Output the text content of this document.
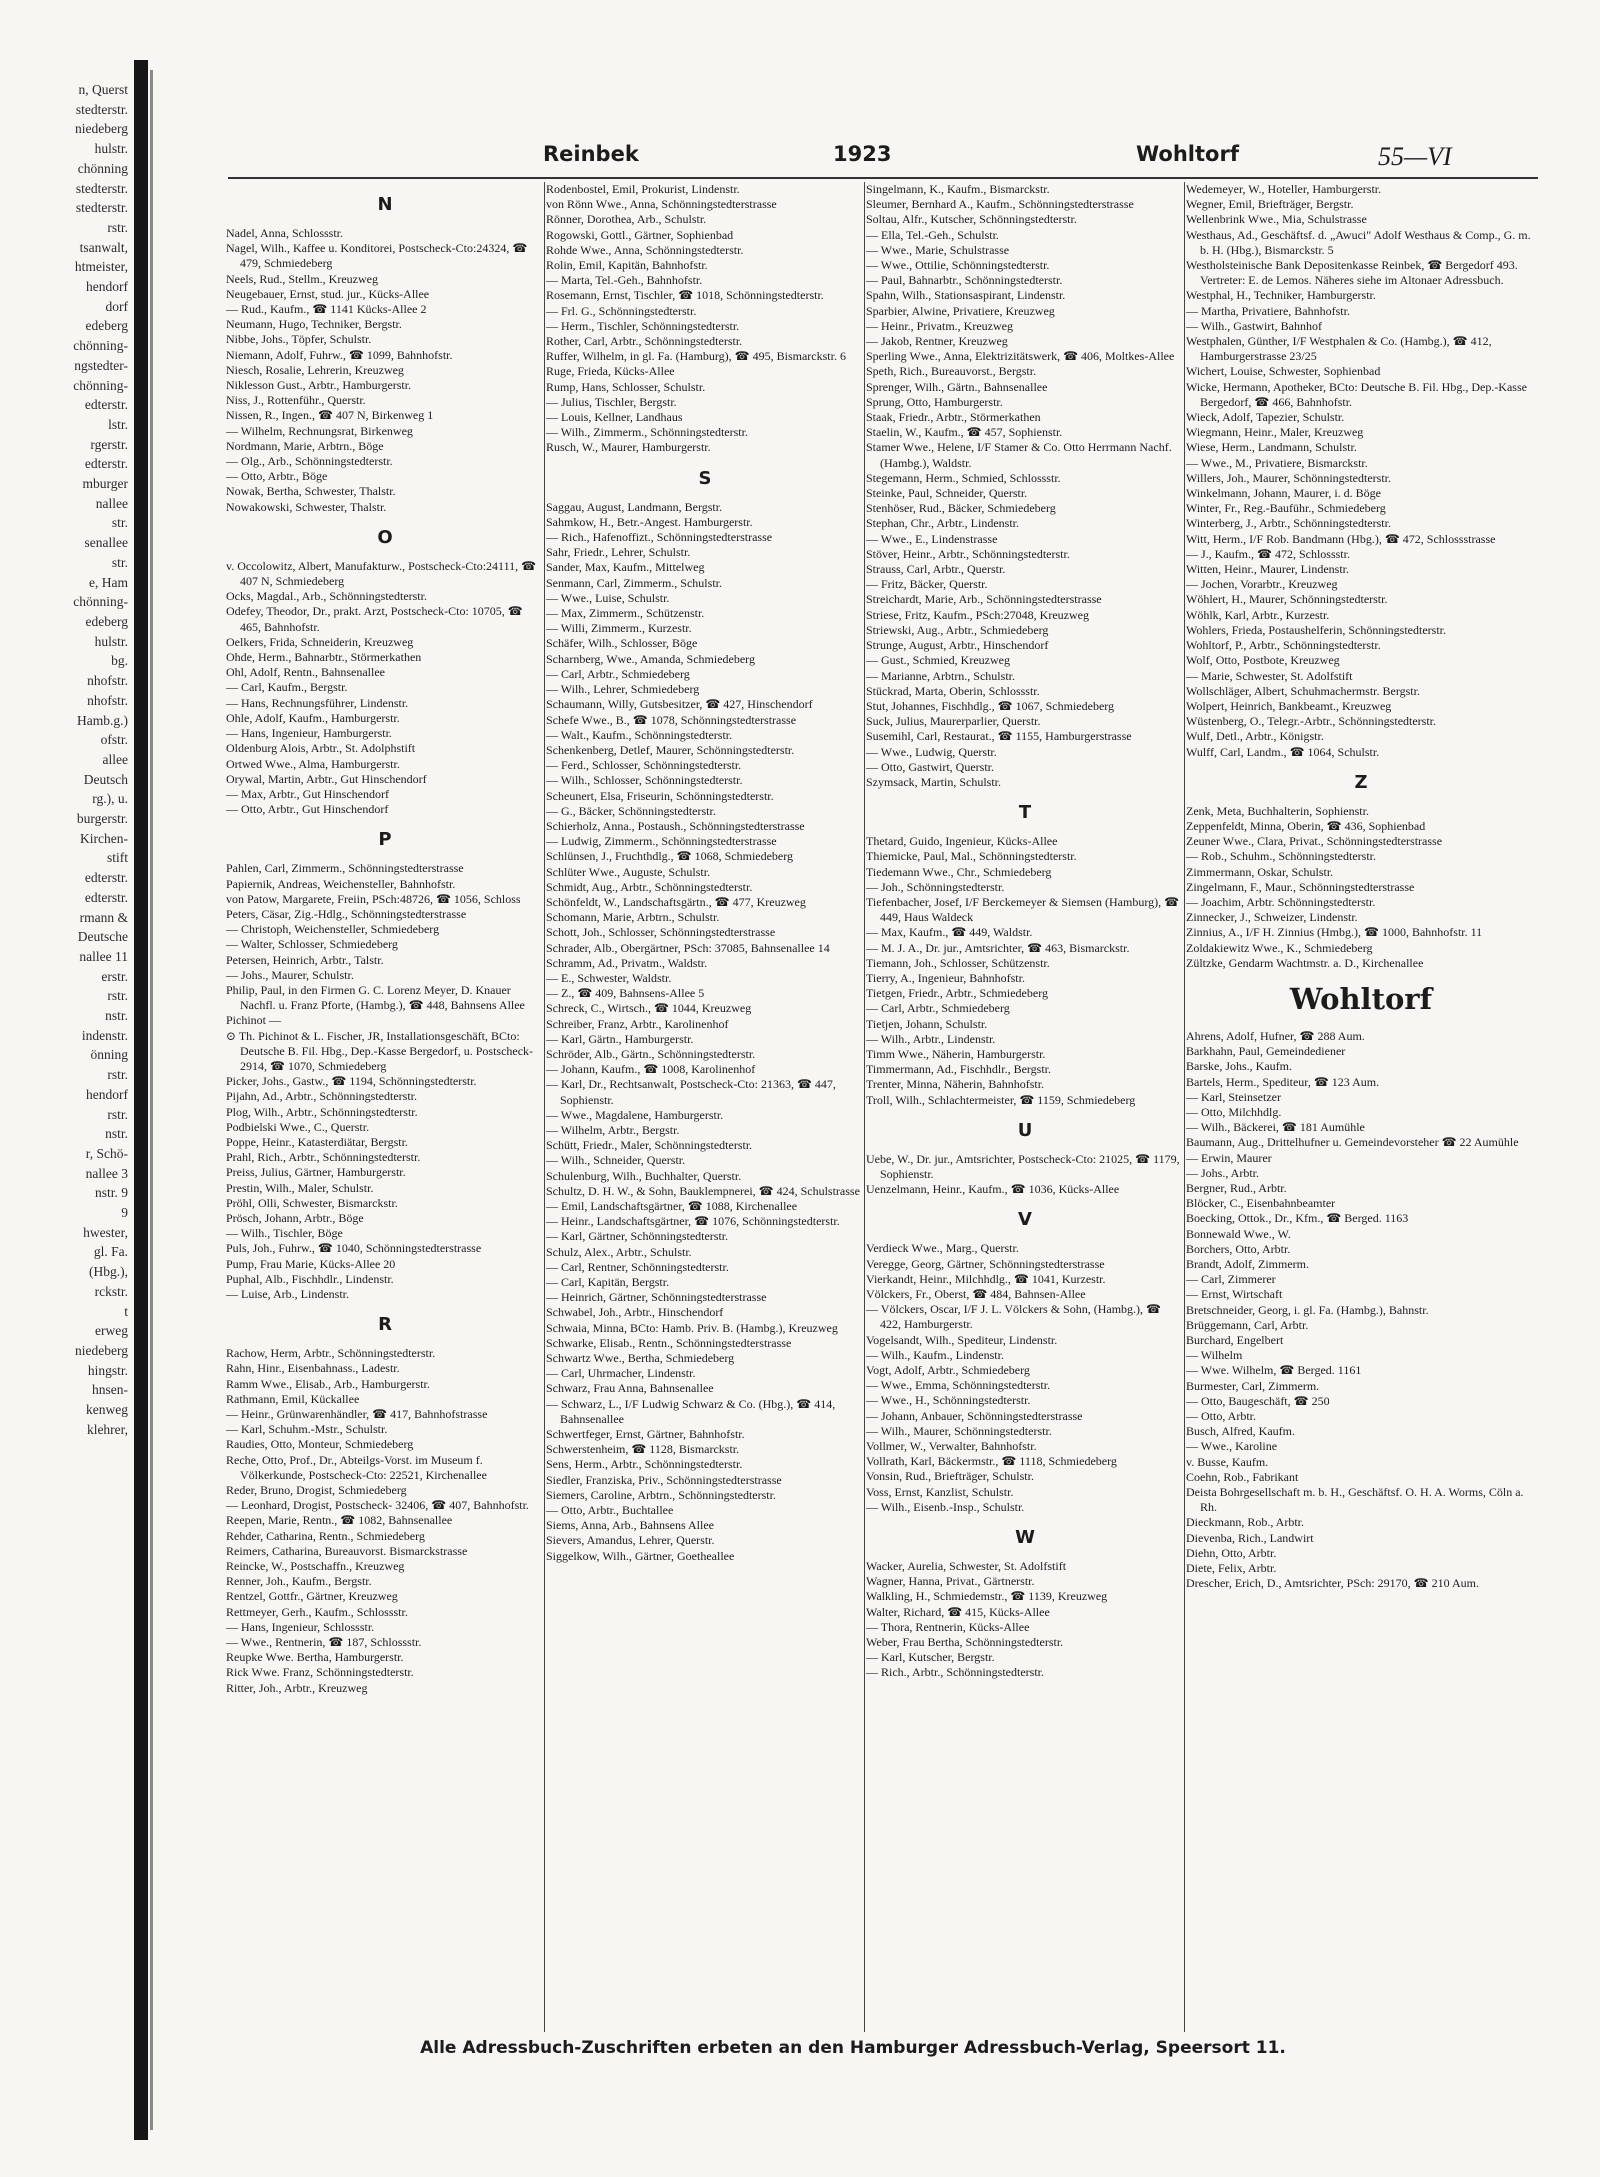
n, Querst
stedterstr.
niedeberg
hulstr.
chönning
stedterstr.
stedterstr.
rstr.
tsanwalt,
htmeister,
hendorf
dorf
edeberg
chönning-
ngstedter-
chönning-
edterstr.
lstr.
rgerstr.
edterstr.
mburger
nallee
str.
senallee
str.
e, Ham
chönning-
edeberg
hulstr.
bg.
nhofstr.
nhofstr.
Hamb.g.)
ofstr.
allee
Deutsch
rg.), u.
burgerstr.
Kirchen-
stift
edterstr.
edterstr.
rmann &
Deutsche
nallee 11
erstr.
rstr.
nstr.
indenstr.
önning
rstr.
hendorf
rstr.
nstr.
r, Schö-
nallee 3
nstr. 9
9
hwester,
gl. Fa.
(Hbg.),
rckstr.
t
erweg
niedeberg
hingstr.
hnsen-
kenweg
klehrer,
Reinbek	1923	Wohltorf	55—VI
N
Nadel, Anna, Schlossstr.
Nagel, Wilh., Kaffee u. Konditorei, Postscheck-Cto:24324, ☎ 479, Schmiedeberg
Neels, Rud., Stellm., Kreuzweg
Neugebauer, Ernst, stud. jur., Kücks-Allee
— Rud., Kaufm., ☎ 1141 Kücks-Allee 2
Neumann, Hugo, Techniker, Bergstr.
Nibbe, Johs., Töpfer, Schulstr.
Niemann, Adolf, Fuhrw., ☎ 1099, Bahnhofstr.
Niesch, Rosalie, Lehrerin, Kreuzweg
Niklesson Gust., Arbtr., Hamburgerstr.
Niss, J., Rottenführ., Querstr.
Nissen, R., Ingen., ☎ 407 N, Birkenweg 1
— Wilhelm, Rechnungsrat, Birkenweg
Nordmann, Marie, Arbtrn., Böge
— Olg., Arb., Schönningstedterstr.
— Otto, Arbtr., Böge
Nowak, Bertha, Schwester, Thalstr.
Nowakowski, Schwester, Thalstr.
O
v. Occolowitz, Albert, Manufakturw., Postscheck-Cto:24111, ☎ 407 N, Schmiedeberg
Ocks, Magdal., Arb., Schönningstedterstr.
Odefey, Theodor, Dr., prakt. Arzt, Postscheck-Cto: 10705, ☎ 465, Bahnhofstr.
Oelkers, Frida, Schneiderin, Kreuzweg
Ohde, Herm., Bahnarbtr., Störmerkathen
Ohl, Adolf, Rentn., Bahnsenallee
— Carl, Kaufm., Bergstr.
— Hans, Rechnungsführer, Lindenstr.
Ohle, Adolf, Kaufm., Hamburgerstr.
— Hans, Ingenieur, Hamburgerstr.
Oldenburg Alois, Arbtr., St. Adolphstift
Ortwed Wwe., Alma, Hamburgerstr.
Orywal, Martin, Arbtr., Gut Hinschendorf
— Max, Arbtr., Gut Hinschendorf
— Otto, Arbtr., Gut Hinschendorf
P
Pahlen, Carl, Zimmerm., Schönningstedterstrasse
Papiernik, Andreas, Weichensteller, Bahnhofstr.
von Patow, Margarete, Freiin, PSch:48726, ☎ 1056, Schloss
Peters, Cäsar, Zig.-Hdlg., Schönningstedterstrasse
— Christoph, Weichensteller, Schmiedeberg
— Walter, Schlosser, Schmiedeberg
Petersen, Heinrich, Arbtr., Talstr.
— Johs., Maurer, Schulstr.
Philip, Paul, in den Firmen G. C. Lorenz Meyer, D. Knauer Nachfl. u. Franz Pforte, (Hambg.), ☎ 448, Bahnsens Allee
Pichinot —
⊙ Th. Pichinot & L. Fischer, JR, Installationsgeschäft, BCto: Deutsche B. Fil. Hbg., Dep.-Kasse Bergedorf, u. Postscheck- 2914, ☎ 1070, Schmiedeberg
Picker, Johs., Gastw., ☎ 1194, Schönningstedterstr.
Pijahn, Ad., Arbtr., Schönningstedterstr.
Plog, Wilh., Arbtr., Schönningstedterstr.
Podbielski Wwe., C., Querstr.
Poppe, Heinr., Katasterdiätar, Bergstr.
Prahl, Rich., Arbtr., Schönningstedterstr.
Preiss, Julius, Gärtner, Hamburgerstr.
Prestin, Wilh., Maler, Schulstr.
Pröhl, Olli, Schwester, Bismarckstr.
Prösch, Johann, Arbtr., Böge
— Wilh., Tischler, Böge
Puls, Joh., Fuhrw., ☎ 1040, Schönningstedterstrasse
Pump, Frau Marie, Kücks-Allee 20
Puphal, Alb., Fischhdlr., Lindenstr.
— Luise, Arb., Lindenstr.
R
Rachow, Herm, Arbtr., Schönningstedterstr.
Rahn, Hinr., Eisenbahnass., Ladestr.
Ramm Wwe., Elisab., Arb., Hamburgerstr.
Rathmann, Emil, Kückallee
— Heinr., Grünwarenhändler, ☎ 417, Bahnhofstrasse
— Karl, Schuhm.-Mstr., Schulstr.
Raudies, Otto, Monteur, Schmiedeberg
Reche, Otto, Prof., Dr., Abteilgs-Vorst. im Museum f. Völkerkunde, Postscheck-Cto: 22521, Kirchenallee
Reder, Bruno, Drogist, Schmiedeberg
— Leonhard, Drogist, Postscheck- 32406, ☎ 407, Bahnhofstr.
Reepen, Marie, Rentn., ☎ 1082, Bahnsenallee
Rehder, Catharina, Rentn., Schmiedeberg
Reimers, Catharina, Bureauvorst. Bismarckstrasse
Reincke, W., Postschaffn., Kreuzweg
Renner, Joh., Kaufm., Bergstr.
Rentzel, Gottfr., Gärtner, Kreuzweg
Rettmeyer, Gerh., Kaufm., Schlossstr.
— Hans, Ingenieur, Schlossstr.
— Wwe., Rentnerin, ☎ 187, Schlossstr.
Reupke Wwe. Bertha, Hamburgerstr.
Rick Wwe. Franz, Schönningstedterstr.
Ritter, Joh., Arbtr., Kreuzweg
Rodenbostel, Emil, Prokurist, Lindenstr.
von Rönn Wwe., Anna, Schönningstedterstrasse
Rönner, Dorothea, Arb., Schulstr.
Rogowski, Gottl., Gärtner, Sophienbad
Rohde Wwe., Anna, Schönningstedterstr.
Rolin, Emil, Kapitän, Bahnhofstr.
— Marta, Tel.-Geh., Bahnhofstr.
Rosemann, Ernst, Tischler, ☎ 1018, Schönningstedterstr.
— Frl. G., Schönningstedterstr.
— Herm., Tischler, Schönningstedterstr.
Rother, Carl, Arbtr., Schönningstedterstr.
Ruffer, Wilhelm, in gl. Fa. (Hamburg), ☎ 495, Bismarckstr. 6
Ruge, Frieda, Kücks-Allee
Rump, Hans, Schlosser, Schulstr.
— Julius, Tischler, Bergstr.
— Louis, Kellner, Landhaus
— Wilh., Zimmerm., Schönningstedterstr.
Rusch, W., Maurer, Hamburgerstr.
S
Saggau, August, Landmann, Bergstr.
Sahmkow, H., Betr.-Angest. Hamburgerstr.
— Rich., Hafenoffizt., Schönningstedterstrasse
Sahr, Friedr., Lehrer, Schulstr.
Sander, Max, Kaufm., Mittelweg
Senmann, Carl, Zimmerm., Schulstr.
— Wwe., Luise, Schulstr.
— Max, Zimmerm., Schützenstr.
— Willi, Zimmerm., Kurzestr.
Schäfer, Wilh., Schlosser, Böge
Scharnberg, Wwe., Amanda, Schmiedeberg
— Carl, Arbtr., Schmiedeberg
— Wilh., Lehrer, Schmiedeberg
Schaumann, Willy, Gutsbesitzer, ☎ 427, Hinschendorf
Schefe Wwe., B., ☎ 1078, Schönningstedterstrasse
— Walt., Kaufm., Schönningstedterstr.
Schenkenberg, Detlef, Maurer, Schönningstedterstr.
— Ferd., Schlosser, Schönningstedterstr.
— Wilh., Schlosser, Schönningstedterstr.
Scheunert, Elsa, Friseurin, Schönningstedterstr.
— G., Bäcker, Schönningstedterstr.
Schierholz, Anna., Postaush., Schönningstedterstrasse
— Ludwig, Zimmerm., Schönningstedterstrasse
Schlünsen, J., Fruchthdlg., ☎ 1068, Schmiedeberg
Schlüter Wwe., Auguste, Schulstr.
Schmidt, Aug., Arbtr., Schönningstedterstr.
Schönfeldt, W., Landschaftsgärtn., ☎ 477, Kreuzweg
Schomann, Marie, Arbtrn., Schulstr.
Schott, Joh., Schlosser, Schönningstedterstrasse
Schrader, Alb., Obergärtner, PSch: 37085, Bahnsenallee 14
Schramm, Ad., Privatm., Waldstr.
— E., Schwester, Waldstr.
— Z., ☎ 409, Bahnsens-Allee 5
Schreck, C., Wirtsch., ☎ 1044, Kreuzweg
Schreiber, Franz, Arbtr., Karolinenhof
— Karl, Gärtn., Hamburgerstr.
Schröder, Alb., Gärtn., Schönningstedterstr.
— Johann, Kaufm., ☎ 1008, Karolinenhof
— Karl, Dr., Rechtsanwalt, Postscheck-Cto: 21363, ☎ 447, Sophienstr.
— Wwe., Magdalene, Hamburgerstr.
— Wilhelm, Arbtr., Bergstr.
Schütt, Friedr., Maler, Schönningstedterstr.
— Wilh., Schneider, Querstr.
Schulenburg, Wilh., Buchhalter, Querstr.
Schultz, D. H. W., & Sohn, Bauklempnerei, ☎ 424, Schulstrasse
— Emil, Landschaftsgärtner, ☎ 1088, Kirchenallee
— Heinr., Landschaftsgärtner, ☎ 1076, Schönningstedterstr.
— Karl, Gärtner, Schönningstedterstr.
Schulz, Alex., Arbtr., Schulstr.
— Carl, Rentner, Schönningstedterstr.
— Carl, Kapitän, Bergstr.
— Heinrich, Gärtner, Schönningstedterstrasse
Schwabel, Joh., Arbtr., Hinschendorf
Schwaia, Minna, BCto: Hamb. Priv. B. (Hambg.), Kreuzweg
Schwarke, Elisab., Rentn., Schönningstedterstrasse
Schwartz Wwe., Bertha, Schmiedeberg
— Carl, Uhrmacher, Lindenstr.
Schwarz, Frau Anna, Bahnsenallee
— Schwarz, L., I/F Ludwig Schwarz & Co. (Hbg.), ☎ 414, Bahnsenallee
Schwertfeger, Ernst, Gärtner, Bahnhofstr.
Schwerstenheim, ☎ 1128, Bismarckstr.
Sens, Herm., Arbtr., Schönningstedterstr.
Siedler, Franziska, Priv., Schönningstedterstrasse
Siemers, Caroline, Arbtrn., Schönningstedterstr.
— Otto, Arbtr., Buchtallee
Siems, Anna, Arb., Bahnsens Allee
Sievers, Amandus, Lehrer, Querstr.
Siggelkow, Wilh., Gärtner, Goetheallee
Singelmann, K., Kaufm., Bismarckstr.
Sleumer, Bernhard A., Kaufm., Schönningstedterstrasse
Soltau, Alfr., Kutscher, Schönningstedterstr.
— Ella, Tel.-Geh., Schulstr.
— Wwe., Marie, Schulstrasse
— Wwe., Ottilie, Schönningstedterstr.
— Paul, Bahnarbtr., Schönningstedterstr.
Spahn, Wilh., Stationsaspirant, Lindenstr.
Sparbier, Alwine, Privatiere, Kreuzweg
— Heinr., Privatm., Kreuzweg
— Jakob, Rentner, Kreuzweg
Sperling Wwe., Anna, Elektrizitätswerk, ☎ 406, Moltkes-Allee
Speth, Rich., Bureauvorst., Bergstr.
Sprenger, Wilh., Gärtn., Bahnsenallee
Sprung, Otto, Hamburgerstr.
Staak, Friedr., Arbtr., Störmerkathen
Staelin, W., Kaufm., ☎ 457, Sophienstr.
Stamer Wwe., Helene, I/F Stamer & Co. Otto Herrmann Nachf. (Hambg.), Waldstr.
Stegemann, Herm., Schmied, Schlossstr.
Steinke, Paul, Schneider, Querstr.
Stenhöser, Rud., Bäcker, Schmiedeberg
Stephan, Chr., Arbtr., Lindenstr.
— Wwe., E., Lindenstrasse
Stöver, Heinr., Arbtr., Schönningstedterstr.
Strauss, Carl, Arbtr., Querstr.
— Fritz, Bäcker, Querstr.
Streichardt, Marie, Arb., Schönningstedterstrasse
Striese, Fritz, Kaufm., PSch:27048, Kreuzweg
Striewski, Aug., Arbtr., Schmiedeberg
Strunge, August, Arbtr., Hinschendorf
— Gust., Schmied, Kreuzweg
— Marianne, Arbtrn., Schulstr.
Stückrad, Marta, Oberin, Schlossstr.
Stut, Johannes, Fischhdlg., ☎ 1067, Schmiedeberg
Suck, Julius, Maurerparlier, Querstr.
Susemihl, Carl, Restaurat., ☎ 1155, Hamburgerstrasse
— Wwe., Ludwig, Querstr.
— Otto, Gastwirt, Querstr.
Szymsack, Martin, Schulstr.
T
Thetard, Guido, Ingenieur, Kücks-Allee
Thiemicke, Paul, Mal., Schönningstedterstr.
Tiedemann Wwe., Chr., Schmiedeberg
— Joh., Schönningstedterstr.
Tiefenbacher, Josef, I/F Berckemeyer & Siemsen (Hamburg), ☎ 449, Haus Waldeck
— Max, Kaufm., ☎ 449, Waldstr.
— M. J. A., Dr. jur., Amtsrichter, ☎ 463, Bismarckstr.
Tiemann, Joh., Schlosser, Schützenstr.
Tierry, A., Ingenieur, Bahnhofstr.
Tietgen, Friedr., Arbtr., Schmiedeberg
— Carl, Arbtr., Schmiedeberg
Tietjen, Johann, Schulstr.
— Wilh., Arbtr., Lindenstr.
Timm Wwe., Näherin, Hamburgerstr.
Timmermann, Ad., Fischhdlr., Bergstr.
Trenter, Minna, Näherin, Bahnhofstr.
Troll, Wilh., Schlachtermeister, ☎ 1159, Schmiedeberg
U
Uebe, W., Dr. jur., Amtsrichter, Postscheck-Cto: 21025, ☎ 1179, Sophienstr.
Uenzelmann, Heinr., Kaufm., ☎ 1036, Kücks-Allee
V
Verdieck Wwe., Marg., Querstr.
Veregge, Georg, Gärtner, Schönningstedterstrasse
Vierkandt, Heinr., Milchhdlg., ☎ 1041, Kurzestr.
Völckers, Fr., Oberst, ☎ 484, Bahnsen-Allee
— Völckers, Oscar, I/F J. L. Völckers & Sohn, (Hambg.), ☎ 422, Hamburgerstr.
Vogelsandt, Wilh., Spediteur, Lindenstr.
— Wilh., Kaufm., Lindenstr.
Vogt, Adolf, Arbtr., Schmiedeberg
— Wwe., Emma, Schönningstedterstr.
— Wwe., H., Schönningstedterstr.
— Johann, Anbauer, Schönningstedterstrasse
— Wilh., Maurer, Schönningstedterstr.
Vollmer, W., Verwalter, Bahnhofstr.
Vollrath, Karl, Bäckermstr., ☎ 1118, Schmiedeberg
Vonsin, Rud., Briefträger, Schulstr.
Voss, Ernst, Kanzlist, Schulstr.
— Wilh., Eisenb.-Insp., Schulstr.
W
Wacker, Aurelia, Schwester, St. Adolfstift
Wagner, Hanna, Privat., Gärtnerstr.
Walkling, H., Schmiedemstr., ☎ 1139, Kreuzweg
Walter, Richard, ☎ 415, Kücks-Allee
— Thora, Rentnerin, Kücks-Allee
Weber, Frau Bertha, Schönningstedterstr.
— Karl, Kutscher, Bergstr.
— Rich., Arbtr., Schönningstedterstr.
Wedemeyer, W., Hoteller, Hamburgerstr.
Wegner, Emil, Briefträger, Bergstr.
Wellenbrink Wwe., Mia, Schulstrasse
Westhaus, Ad., Geschäftsf. d. „Awuci" Adolf Westhaus & Comp., G. m. b. H. (Hbg.), Bismarckstr. 5
Westholsteinische Bank Depositenkasse Reinbek, ☎ Bergedorf 493. Vertreter: E. de Lemos. Näheres siehe im Altonaer Adressbuch.
Westphal, H., Techniker, Hamburgerstr.
— Martha, Privatiere, Bahnhofstr.
— Wilh., Gastwirt, Bahnhof
Westphalen, Günther, I/F Westphalen & Co. (Hambg.), ☎ 412, Hamburgerstrasse 23/25
Wichert, Louise, Schwester, Sophienbad
Wicke, Hermann, Apotheker, BCto: Deutsche B. Fil. Hbg., Dep.-Kasse Bergedorf, ☎ 466, Bahnhofstr.
Wieck, Adolf, Tapezier, Schulstr.
Wiegmann, Heinr., Maler, Kreuzweg
Wiese, Herm., Landmann, Schulstr.
— Wwe., M., Privatiere, Bismarckstr.
Willers, Joh., Maurer, Schönningstedterstr.
Winkelmann, Johann, Maurer, i. d. Böge
Winter, Fr., Reg.-Bauführ., Schmiedeberg
Winterberg, J., Arbtr., Schönningstedterstr.
Witt, Herm., I/F Rob. Bandmann (Hbg.), ☎ 472, Schlossstrasse
— J., Kaufm., ☎ 472, Schlossstr.
Witten, Heinr., Maurer, Lindenstr.
— Jochen, Vorarbtr., Kreuzweg
Wöhlert, H., Maurer, Schönningstedterstr.
Wöhlk, Karl, Arbtr., Kurzestr.
Wohlers, Frieda, Postaushelferin, Schönningstedterstr.
Wohltorf, P., Arbtr., Schönningstedterstr.
Wolf, Otto, Postbote, Kreuzweg
— Marie, Schwester, St. Adolfstift
Wollschläger, Albert, Schuhmachermstr. Bergstr.
Wolpert, Heinrich, Bankbeamt., Kreuzweg
Wüstenberg, O., Telegr.-Arbtr., Schönningstedterstr.
Wulf, Detl., Arbtr., Königstr.
Wulff, Carl, Landm., ☎ 1064, Schulstr.
Z
Zenk, Meta, Buchhalterin, Sophienstr.
Zeppenfeldt, Minna, Oberin, ☎ 436, Sophienbad
Zeuner Wwe., Clara, Privat., Schönningstedterstrasse
— Rob., Schuhm., Schönningstedterstr.
Zimmermann, Oskar, Schulstr.
Zingelmann, F., Maur., Schönningstedterstrasse
— Joachim, Arbtr. Schönningstedterstr.
Zinnecker, J., Schweizer, Lindenstr.
Zinnius, A., I/F H. Zinnius (Hmbg.), ☎ 1000, Bahnhofstr. 11
Zoldakiewitz Wwe., K., Schmiedeberg
Zültzke, Gendarm Wachtmstr. a. D., Kirchenallee
Wohltorf
Ahrens, Adolf, Hufner, ☎ 288 Aum.
Barkhahn, Paul, Gemeindediener
Barske, Johs., Kaufm.
Bartels, Herm., Spediteur, ☎ 123 Aum.
— Karl, Steinsetzer
— Otto, Milchhdlg.
— Wilh., Bäckerei, ☎ 181 Aumühle
Baumann, Aug., Drittelhufner u. Gemeindevorsteher ☎ 22 Aumühle
— Erwin, Maurer
— Johs., Arbtr.
Bergner, Rud., Arbtr.
Blöcker, C., Eisenbahnbeamter
Boecking, Ottok., Dr., Kfm., ☎ Berged. 1163
Bonnewald Wwe., W.
Borchers, Otto, Arbtr.
Brandt, Adolf, Zimmerm.
— Carl, Zimmerer
— Ernst, Wirtschaft
Bretschneider, Georg, i. gl. Fa. (Hambg.), Bahnstr.
Brüggemann, Carl, Arbtr.
Burchard, Engelbert
— Wilhelm
— Wwe. Wilhelm, ☎ Berged. 1161
Burmester, Carl, Zimmerm.
— Otto, Baugeschäft, ☎ 250
— Otto, Arbtr.
Busch, Alfred, Kaufm.
— Wwe., Karoline
v. Busse, Kaufm.
Coehn, Rob., Fabrikant
Deista Bohrgesellschaft m. b. H., Geschäftsf. O. H. A. Worms, Cöln a. Rh.
Dieckmann, Rob., Arbtr.
Dievenba, Rich., Landwirt
Diehn, Otto, Arbtr.
Diete, Felix, Arbtr.
Drescher, Erich, D., Amtsrichter, PSch: 29170, ☎ 210 Aum.
Alle Adressbuch-Zuschriften erbeten an den Hamburger Adressbuch-Verlag, Speersort 11.
